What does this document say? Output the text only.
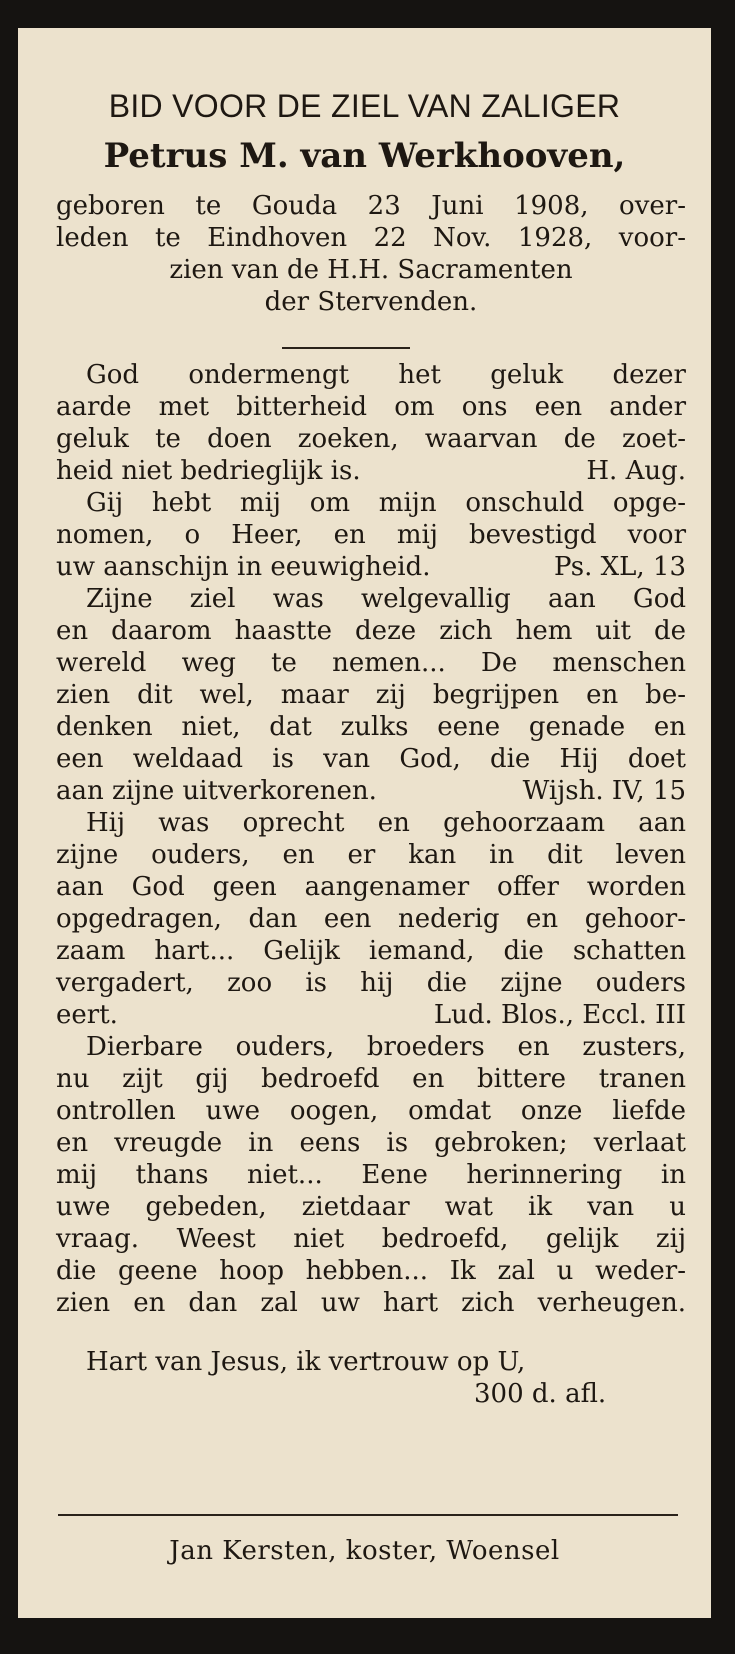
BID VOOR DE ZIEL VAN ZALIGER
Petrus M. van Werkhooven,
geboren te Gouda 23 Juni 1908, over-
leden te Eindhoven 22 Nov. 1928, voor-
zien van de H.H. Sacramenten
der Stervenden.
God ondermengt het geluk dezer
aarde met bitterheid om ons een ander
geluk te doen zoeken, waarvan de zoet-
heid niet bedrieglijk is.	H. Aug.
Gij hebt mij om mijn onschuld opge-
nomen, o Heer, en mij bevestigd voor
uw aanschijn in eeuwigheid.	Ps. XL, 13
Zijne ziel was welgevallig aan God
en daarom haastte deze zich hem uit de
wereld weg te nemen... De menschen
zien dit wel, maar zij begrijpen en be-
denken niet, dat zulks eene genade en
een weldaad is van God, die Hij doet
aan zijne uitverkorenen.	Wijsh. IV, 15
Hij was oprecht en gehoorzaam aan
zijne ouders, en er kan in dit leven
aan God geen aangenamer offer worden
opgedragen, dan een nederig en gehoor-
zaam hart... Gelijk iemand, die schatten
vergadert, zoo is hij die zijne ouders
eert.	Lud. Blos., Eccl. III
Dierbare ouders, broeders en zusters,
nu zijt gij bedroefd en bittere tranen
ontrollen uwe oogen, omdat onze liefde
en vreugde in eens is gebroken; verlaat
mij thans niet... Eene herinnering in
uwe gebeden, zietdaar wat ik van u
vraag. Weest niet bedroefd, gelijk zij
die geene hoop hebben... Ik zal u weder-
zien en dan zal uw hart zich verheugen.
Hart van Jesus, ik vertrouw op U,
300 d. afl.
Jan Kersten, koster, Woensel
